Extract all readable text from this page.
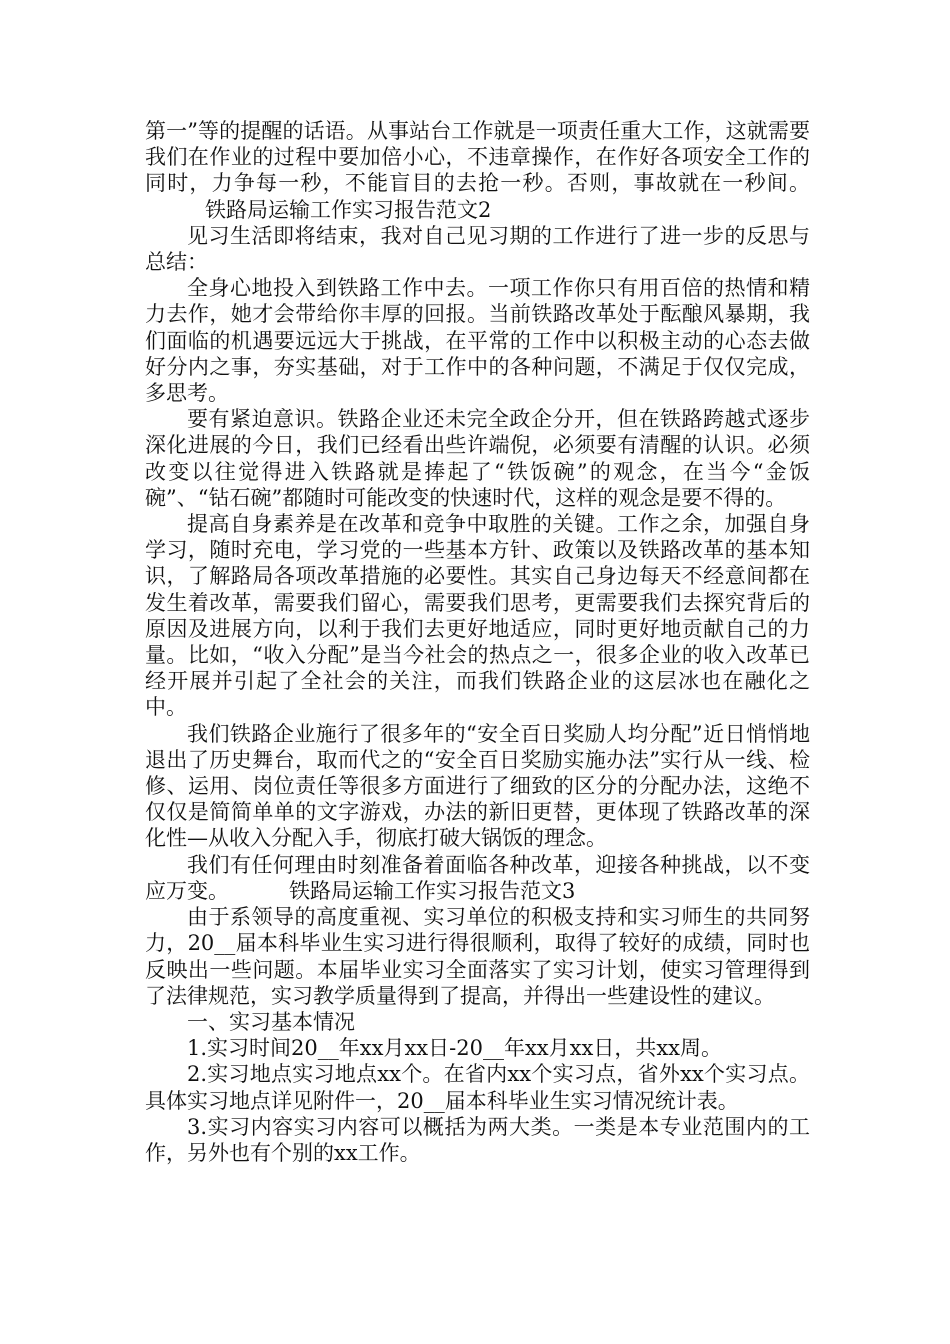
第一”等的提醒的话语。从事站台工作就是一项责任重大工作，这就需要我们在作业的过程中要加倍小心，不违章操作，在作好各项安全工作的同时，力争每一秒，不能盲目的去抢一秒。否则，事故就在一秒间。铁路局运输工作实习报告范文2

见习生活即将结束，我对自己见习期的工作进行了进一步的反思与总结：

全身心地投入到铁路工作中去。一项工作你只有用百倍的热情和精力去作，她才会带给你丰厚的回报。当前铁路改革处于酝酿风暴期，我们面临的机遇要远远大于挑战，在平常的工作中以积极主动的心态去做好分内之事，夯实基础，对于工作中的各种问题，不满足于仅仅完成，多思考。

要有紧迫意识。铁路企业还未完全政企分开，但在铁路跨越式逐步深化进展的今日，我们已经看出些许端倪，必须要有清醒的认识。必须改变以往觉得进入铁路就是捧起了“铁饭碗”的观念，在当今“金饭碗”、“钻石碗”都随时可能改变的快速时代，这样的观念是要不得的。

提高自身素养是在改革和竞争中取胜的关键。工作之余，加强自身学习，随时充电，学习党的一些基本方针、政策以及铁路改革的基本知识，了解路局各项改革措施的必要性。其实自己身边每天不经意间都在发生着改革，需要我们留心，需要我们思考，更需要我们去探究背后的原因及进展方向，以利于我们去更好地适应，同时更好地贡献自己的力量。比如，“收入分配”是当今社会的热点之一，很多企业的收入改革已经开展并引起了全社会的关注，而我们铁路企业的这层冰也在融化之中。

我们铁路企业施行了很多年的“安全百日奖励人均分配”近日悄悄地退出了历史舞台，取而代之的“安全百日奖励实施办法”实行从一线、检修、运用、岗位责任等很多方面进行了细致的区分的分配办法，这绝不仅仅是简简单单的文字游戏，办法的新旧更替，更体现了铁路改革的深化性—从收入分配入手，彻底打破大锅饭的理念。

我们有任何理由时刻准备着面临各种改革，迎接各种挑战，以不变应万变。	铁路局运输工作实习报告范文3

由于系领导的高度重视、实习单位的积极支持和实习师生的共同努力，20__届本科毕业生实习进行得很顺利，取得了较好的成绩，同时也反映出一些问题。本届毕业实习全面落实了实习计划，使实习管理得到了法律规范，实习教学质量得到了提高，并得出一些建设性的建议。

一、实习基本情况

1.实习时间20__年xx月xx日-20__年xx月xx日，共xx周。

2.实习地点实习地点xx个。在省内xx个实习点，省外xx个实习点。具体实习地点详见附件一，20__届本科毕业生实习情况统计表。

3.实习内容实习内容可以概括为两大类。一类是本专业范围内的工作，另外也有个别的xx工作。
